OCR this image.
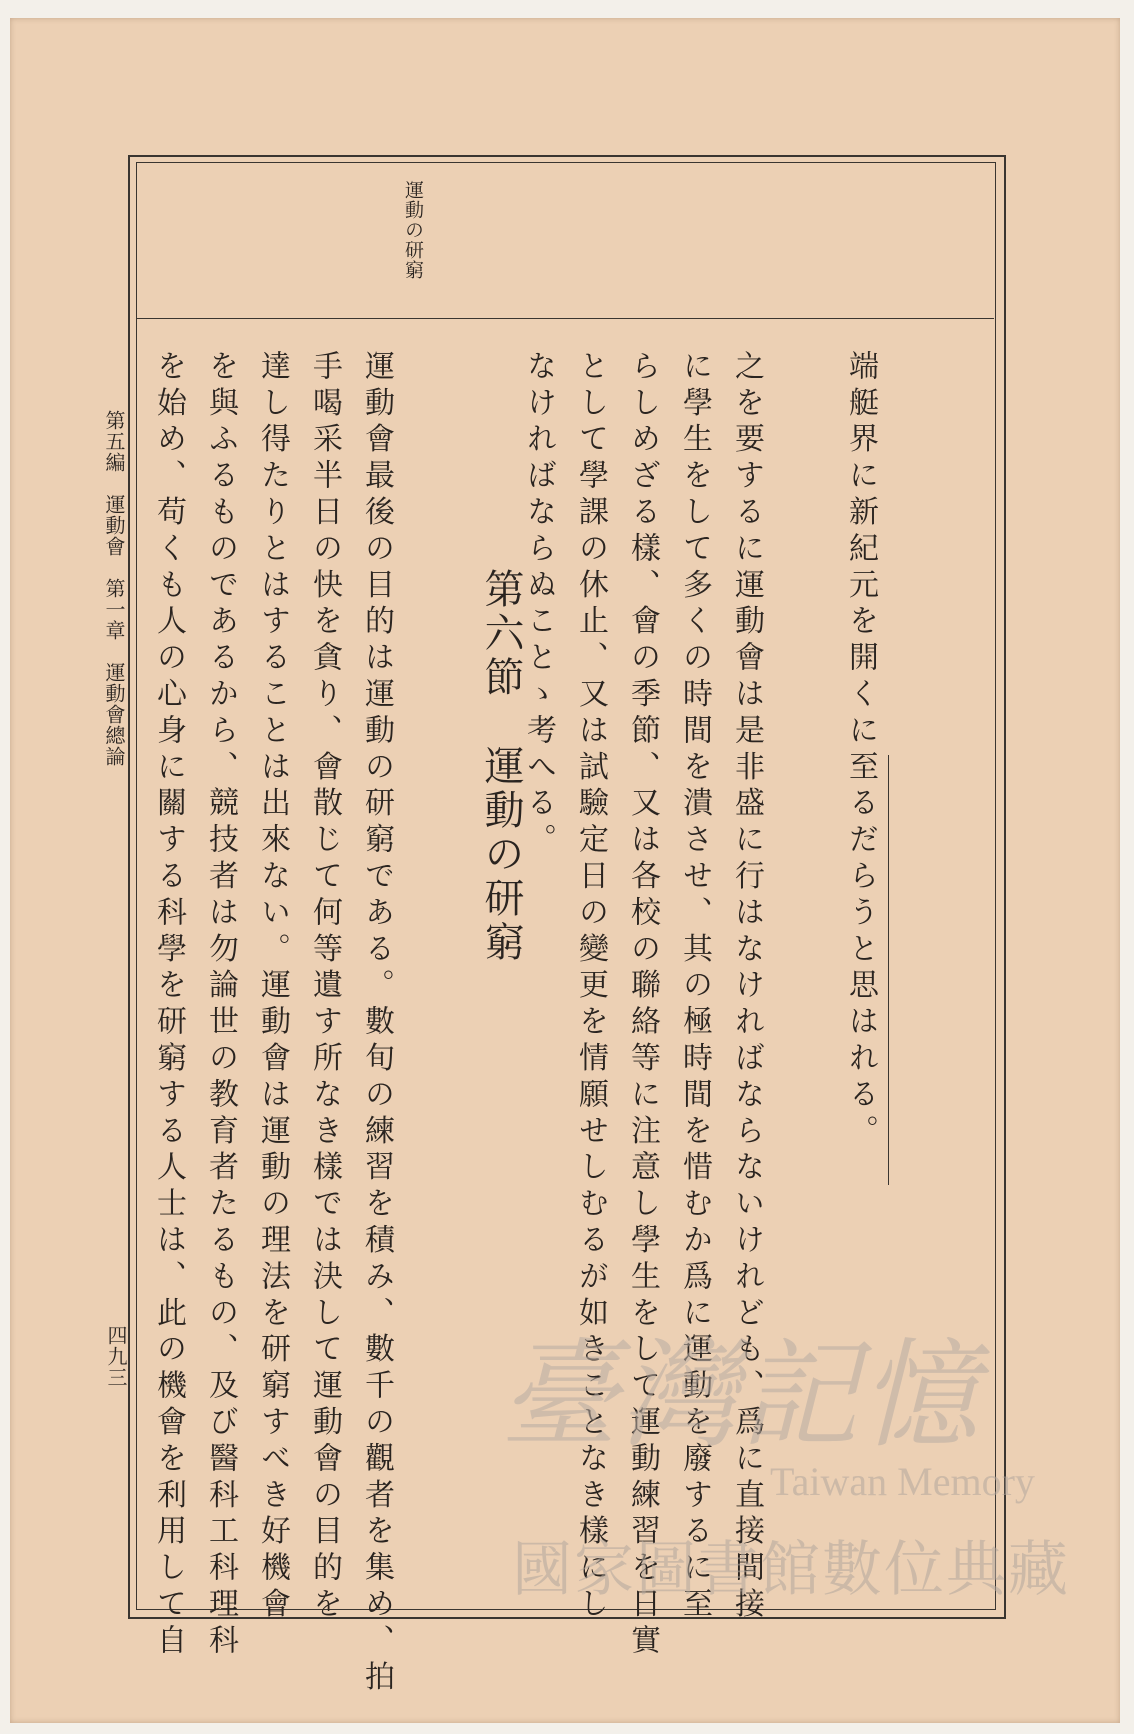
運動の研窮
端艇界に新紀元を開くに至るだらうと思はれる。
之を要するに運動會は是非盛に行はなければならないけれども、爲に直接間接
に學生をして多くの時間を潰させ、其の極時間を惜むか爲に運動を廢するに至
らしめざる樣、會の季節、又は各校の聯絡等に注意し學生をして運動練習を日實
として學課の休止、又は試驗定日の變更を情願せしむるが如きことなき樣にし
なければならぬことゝ考へる。
第六節運動の研窮
運動會最後の目的は運動の研窮である。數旬の練習を積み、數千の觀者を集め、拍
手喝采半日の快を貪り、會散じて何等遺す所なき樣では決して運動會の目的を
達し得たりとはすることは出來ない。運動會は運動の理法を研窮すべき好機會
を與ふるものであるから、競技者は勿論世の教育者たるもの、及び醫科工科理科
を始め、苟くも人の心身に關する科學を研窮する人士は、此の機會を利用して自
第五編　運動會　第一章　運動會總論
四九三	臺灣記憶
Taiwan Memory
國家圖書館數位典藏
